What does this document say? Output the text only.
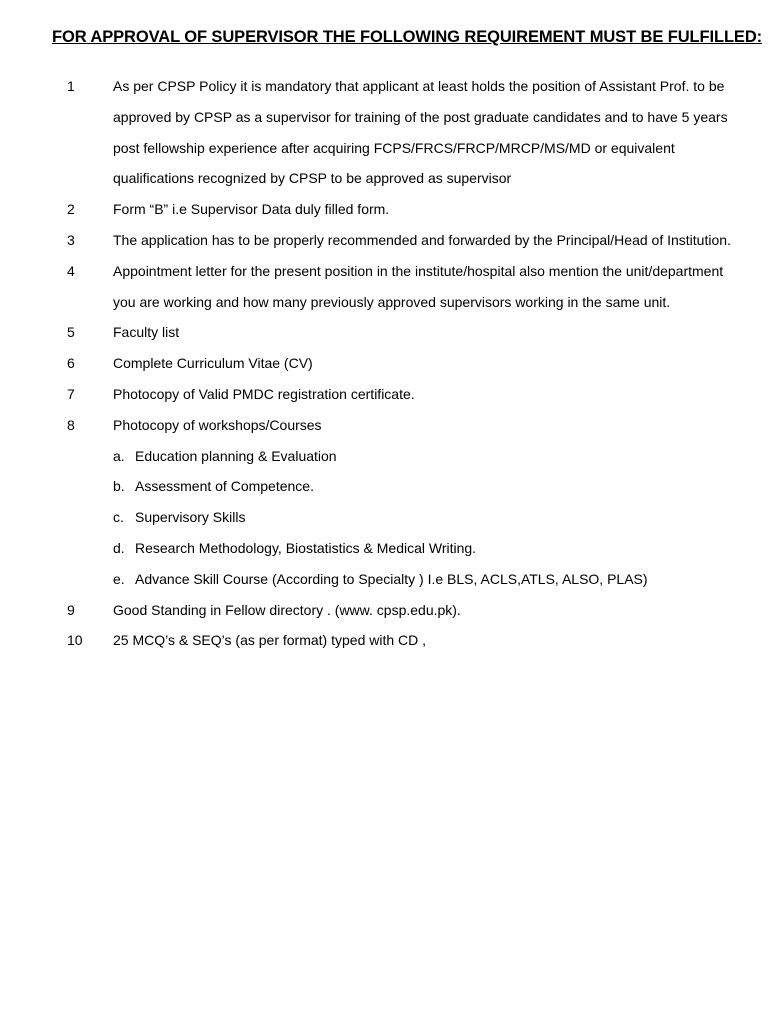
FOR APPROVAL OF SUPERVISOR THE FOLLOWING REQUIREMENT MUST BE FULFILLED:
1	As per CPSP Policy it is mandatory that applicant at least holds the position of Assistant Prof. to be approved by CPSP as a supervisor for training of the post graduate candidates and to have 5 years post fellowship experience after acquiring FCPS/FRCS/FRCP/MRCP/MS/MD or equivalent qualifications recognized by CPSP to be approved as supervisor
2	Form “B” i.e Supervisor Data duly filled form.
3	The application has to be properly recommended and forwarded by the Principal/Head of Institution.
4	Appointment letter for the present position in the institute/hospital also mention the unit/department you are working and how many previously approved supervisors working in the same unit.
5	Faculty list
6	Complete Curriculum Vitae (CV)
7	Photocopy of Valid PMDC registration certificate.
8	Photocopy of workshops/Courses
a. Education planning & Evaluation
b. Assessment of Competence.
c. Supervisory Skills
d. Research Methodology, Biostatistics & Medical Writing.
e. Advance Skill Course (According to Specialty ) I.e BLS, ACLS,ATLS, ALSO, PLAS)
9	Good Standing in Fellow directory . (www. cpsp.edu.pk).
10 25 MCQ’s & SEQ’s (as per format) typed with CD ,
